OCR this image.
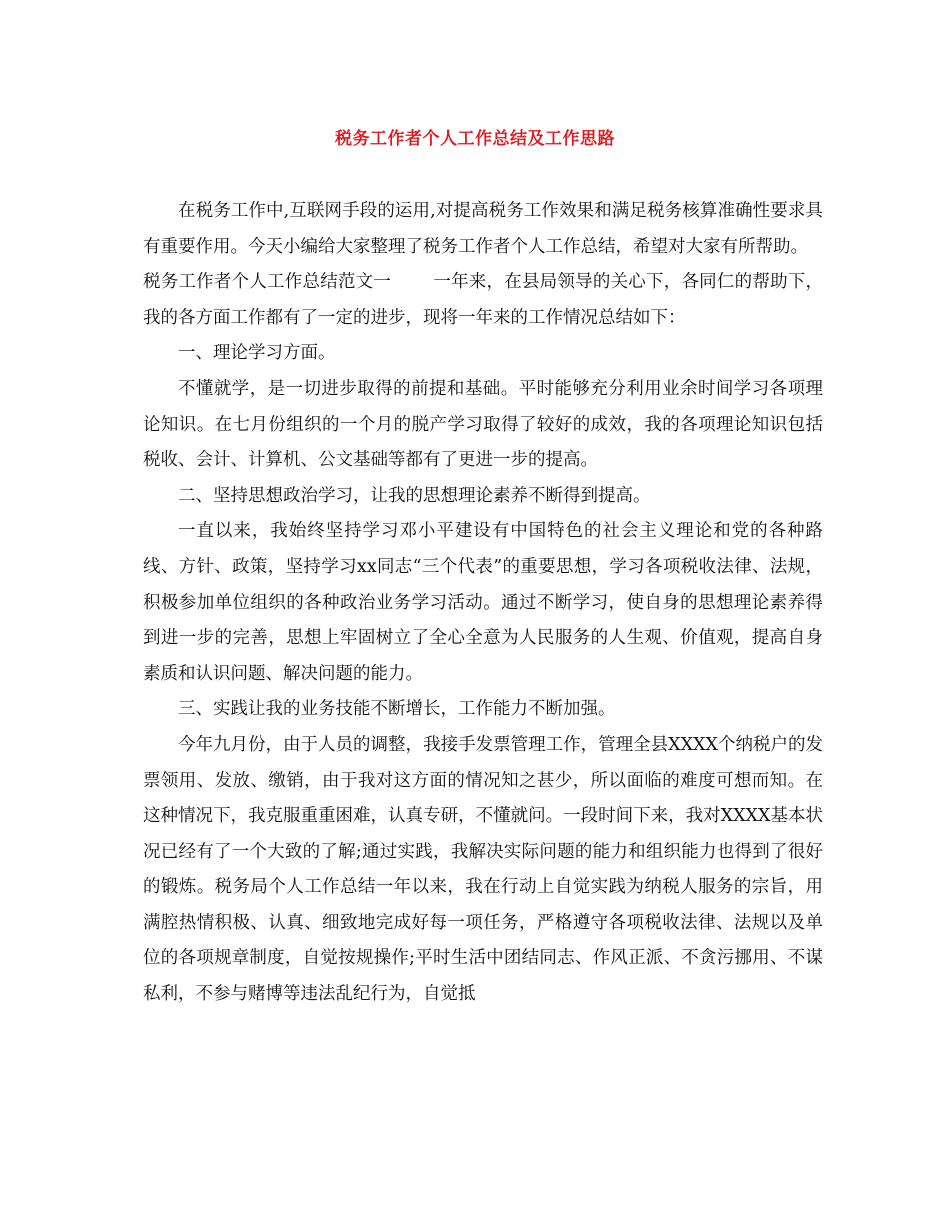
税务工作者个人工作总结及工作思路

在税务工作中,互联网手段的运用,对提高税务工作效果和满足税务核算准确性要求具有重要作用。今天小编给大家整理了税务工作者个人工作总结，希望对大家有所帮助。

税务工作者个人工作总结范文一 一年来，在县局领导的关心下，各同仁的帮助下，我的各方面工作都有了一定的进步，现将一年来的工作情况总结如下：

一、理论学习方面。

不懂就学，是一切进步取得的前提和基础。平时能够充分利用业余时间学习各项理论知识。在七月份组织的一个月的脱产学习取得了较好的成效，我的各项理论知识包括税收、会计、计算机、公文基础等都有了更进一步的提高。

二、坚持思想政治学习，让我的思想理论素养不断得到提高。

一直以来，我始终坚持学习邓小平建设有中国特色的社会主义理论和党的各种路线、方针、政策，坚持学习xx同志“三个代表”的重要思想，学习各项税收法律、法规，积极参加单位组织的各种政治业务学习活动。通过不断学习，使自身的思想理论素养得到进一步的完善，思想上牢固树立了全心全意为人民服务的人生观、价值观，提高自身素质和认识问题、解决问题的能力。

三、实践让我的业务技能不断增长，工作能力不断加强。

今年九月份，由于人员的调整，我接手发票管理工作，管理全县XXXX个纳税户的发票领用、发放、缴销，由于我对这方面的情况知之甚少，所以面临的难度可想而知。在这种情况下，我克服重重困难，认真专研，不懂就问。一段时间下来，我对XXXX基本状况已经有了一个大致的了解;通过实践，我解决实际问题的能力和组织能力也得到了很好的锻炼。税务局个人工作总结一年以来，我在行动上自觉实践为纳税人服务的宗旨，用满腔热情积极、认真、细致地完成好每一项任务，严格遵守各项税收法律、法规以及单位的各项规章制度，自觉按规操作;平时生活中团结同志、作风正派、不贪污挪用、不谋私利，不参与赌博等违法乱纪行为，自觉抵
